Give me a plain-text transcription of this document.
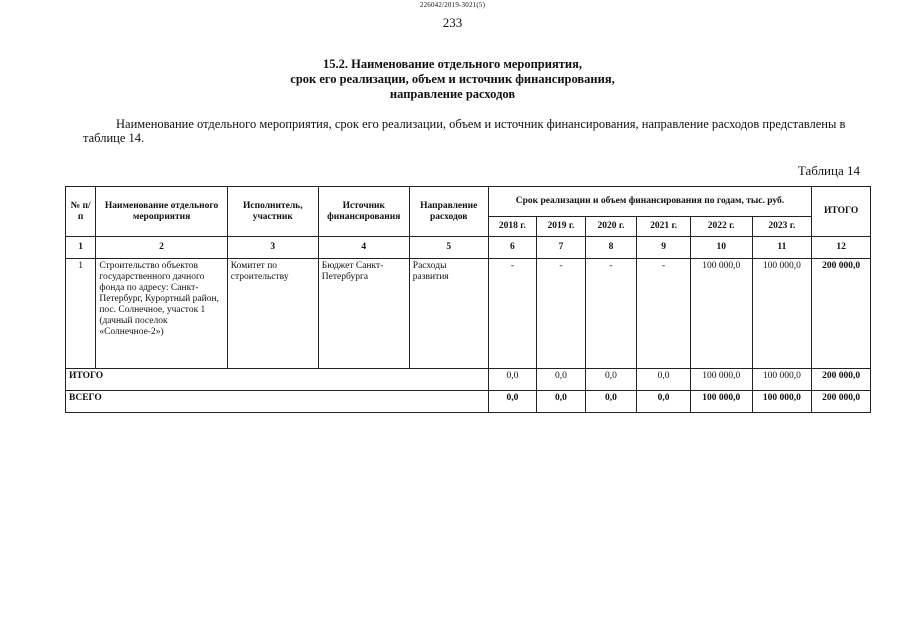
226042/2019-3021(5)
233
15.2. Наименование отдельного мероприятия,
срок его реализации, объем и источник финансирования,
направление расходов
Наименование отдельного мероприятия, срок его реализации, объем и источник финансирования, направление расходов представлены в таблице 14.
Таблица 14
№ п/п	Наименование отдельного мероприятия	Исполнитель, участник	Источник финансирования	Направление расходов	Срок реализации и объем финансирования по годам, тыс. руб.						ИТОГО
					2018 г.	2019 г.	2020 г.	2021 г.	2022 г.	2023 г.	
1	2	3	4	5	6	7	8	9	10	11	12
1	Строительство объектов государственного дачного фонда по адресу: Санкт-Петербург, Курортный район, пос. Солнечное, участок 1 (дачный поселок «Солнечное-2»)	Комитет по строительству	Бюджет Санкт-Петербурга	Расходы развития	-	-	-	-	100 000,0	100 000,0	200 000,0
ИТОГО					0,0	0,0	0,0	0,0	100 000,0	100 000,0	200 000,0
ВСЕГО					0,0	0,0	0,0	0,0	100 000,0	100 000,0	200 000,0
